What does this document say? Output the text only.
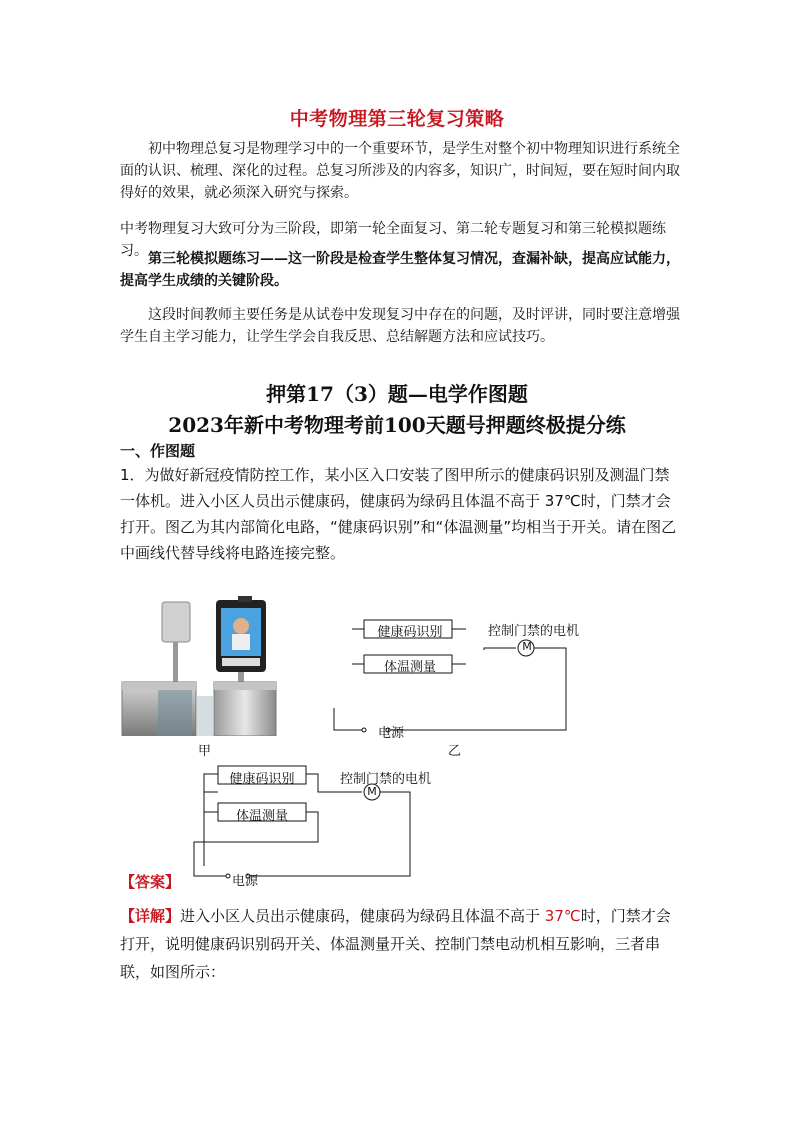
中考物理第三轮复习策略

初中物理总复习是物理学习中的一个重要环节，是学生对整个初中物理知识进行系统全面的认识、梳理、深化的过程。总复习所涉及的内容多，知识广，时间短，要在短时间内取得好的效果，就必须深入研究与探索。

中考物理复习大致可分为三阶段，即第一轮全面复习、第二轮专题复习和第三轮模拟题练习。 第三轮模拟题练习——这一阶段是检查学生整体复习情况，查漏补缺，提高应试能力，提高学生成绩的关键阶段。

这段时间教师主要任务是从试卷中发现复习中存在的问题，及时评讲，同时要注意增强学生自主学习能力，让学生学会自我反思、总结解题方法和应试技巧。

押第17（3）题—电学作图题

2023年新中考物理考前100天题号押题终极提分练

一、作图题

1．为做好新冠疫情防控工作，某小区入口安装了图甲所示的健康码识别及测温门禁一体机。进入小区人员出示健康码，健康码为绿码且体温不高于 37℃时，门禁才会打开。图乙为其内部简化电路，“健康码识别”和“体温测量”均相当于开关。请在图乙中画线代替导线将电路连接完整。

甲
健康码识别
体温测量
控制门禁的电机
M
电源
乙
健康码识别
体温测量
控制门禁的电机
M
电源
【答案】

【详解】进入小区人员出示健康码，健康码为绿码且体温不高于 37℃时，门禁才会打开，说明健康码识别码开关、体温测量开关、控制门禁电动机相互影响，三者串联，如图所示：
